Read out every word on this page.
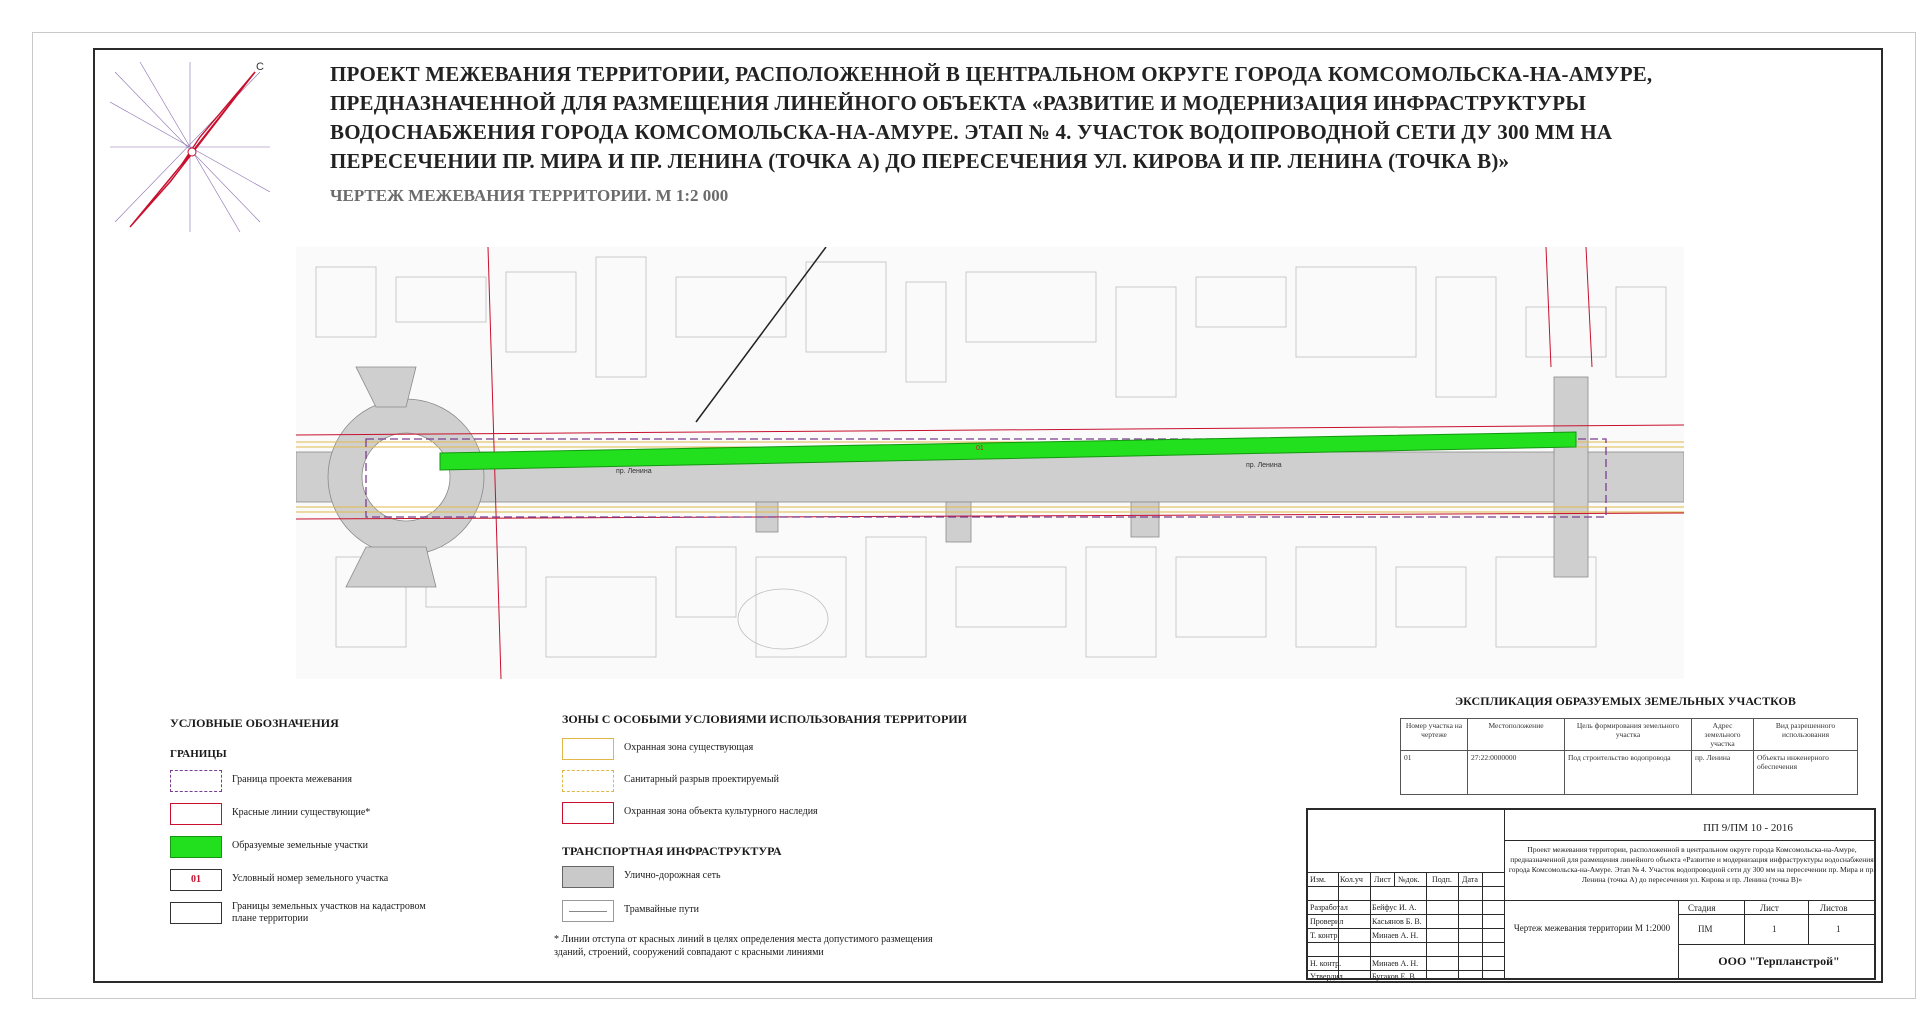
С	ПРОЕКТ МЕЖЕВАНИЯ ТЕРРИТОРИИ, РАСПОЛОЖЕННОЙ В ЦЕНТРАЛЬНОМ ОКРУГЕ ГОРОДА КОМСОМОЛЬСКА-НА-АМУРЕ, ПРЕДНАЗНАЧЕННОЙ ДЛЯ РАЗМЕЩЕНИЯ ЛИНЕЙНОГО ОБЪЕКТА «РАЗВИТИЕ И МОДЕРНИЗАЦИЯ ИНФРАСТРУКТУРЫ ВОДОСНАБЖЕНИЯ ГОРОДА КОМСОМОЛЬСКА-НА-АМУРЕ. ЭТАП № 4. УЧАСТОК ВОДОПРОВОДНОЙ СЕТИ ДУ 300 ММ НА ПЕРЕСЕЧЕНИИ ПР. МИРА И ПР. ЛЕНИНА (ТОЧКА А) ДО ПЕРЕСЕЧЕНИЯ УЛ. КИРОВА И ПР. ЛЕНИНА (ТОЧКА В)»
ЧЕРТЕЖ МЕЖЕВАНИЯ ТЕРРИТОРИИ. М 1:2 000
01
пр. Ленина
пр. Ленина
УСЛОВНЫЕ ОБОЗНАЧЕНИЯ
ГРАНИЦЫ
Граница проекта межевания
Красные линии существующие*
Образуемые земельные участки
01	Условный номер земельного участка
Границы земельных участков на кадастровом плане территории
ЗОНЫ С ОСОБЫМИ УСЛОВИЯМИ ИСПОЛЬЗОВАНИЯ ТЕРРИТОРИИ
Охранная зона существующая
Санитарный разрыв проектируемый
Охранная зона объекта культурного наследия
ТРАНСПОРТНАЯ ИНФРАСТРУКТУРА
Улично-дорожная сеть
Трамвайные пути
* Линии отступа от красных линий в целях определения места допустимого размещения зданий, строений, сооружений совпадают с красными линиями
ЭКСПЛИКАЦИЯ ОБРАЗУЕМЫХ ЗЕМЕЛЬНЫХ УЧАСТКОВ
Номер участка на чертеже	Местоположение	Цель формирования земельного участка	Адрес земельного участка	Вид разрешенного использования
01	27:22:0000000	Под строительство водопровода	пр. Ленина	Объекты инженерного обеспечения
Изм. Кол.уч Лист №док. Подп. Дата
Разработал	Бейфус И. А.
Проверил	Касьянов Б. В.
Т. контр.	Минаев А. Н.
Н. контр.	Минаев А. Н.
Утвердил	Бугаков Е. В.
ПП 9/ПМ 10 - 2016
Проект межевания территории, расположенной в центральном округе города Комсомольска-на-Амуре, предназначенной для размещения линейного объекта «Развитие и модернизация инфраструктуры водоснабжения города Комсомольска-на-Амуре. Этап № 4. Участок водопроводной сети ду 300 мм на пересечении пр. Мира и пр. Ленина (точка А) до пересечения ул. Кирова и пр. Ленина (точка В)»
Чертеж межевания территории М 1:2000
Стадия	Лист	Листов
ПМ	1	1
ООО "Терпланстрой"
